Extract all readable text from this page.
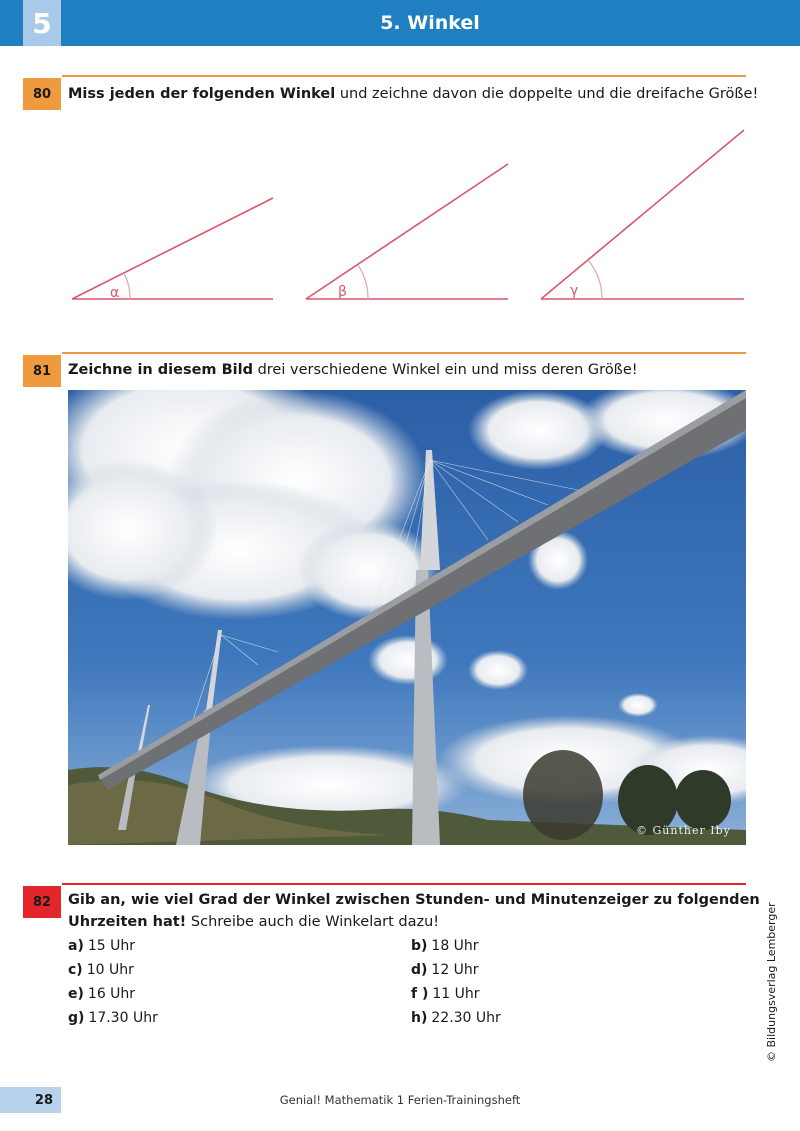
5	5. Winkel
80	Miss jeden der folgenden Winkel und zeichne davon die doppelte und die dreifache Größe!
α	β	γ
81	Zeichne in diesem Bild drei verschiedene Winkel ein und miss deren Größe!
© Günther Iby
82	Gib an, wie viel Grad der Winkel zwischen Stunden- und Minutenzeiger zu folgenden
Uhrzeiten hat! Schreibe auch die Winkelart dazu!
a) 15 Uhr	b) 18 Uhr
c) 10 Uhr	d) 12 Uhr
e) 16 Uhr	f ) 11 Uhr
g) 17.30 Uhr	h) 22.30 Uhr	© Bildungsverlag Lemberger
28	Genial! Mathematik 1 Ferien-Trainingsheft
